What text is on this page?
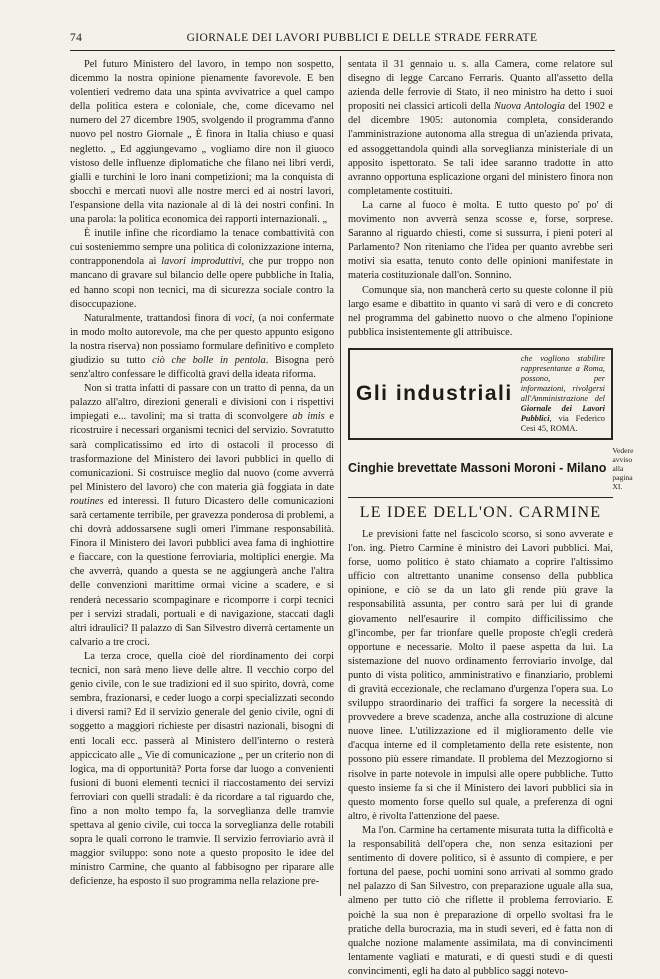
74	GIORNALE DEI LAVORI PUBBLICI E DELLE STRADE FERRATE

Pel futuro Ministero del lavoro, in tempo non sospetto, dicemmo la nostra opinione pienamente favorevole. E ben volentieri vedremo data una spinta avvivatrice a quel campo della politica estera e coloniale, che, come dicevamo nel numero del 27 dicembre 1905, svolgendo il programma d'anno nuovo pel nostro Giornale „ È finora in Italia chiuso e quasi negletto. „ Ed aggiungevamo „ vogliamo dire non il giuoco vistoso delle influenze diplomatiche che filano nei libri verdi, gialli e turchini le loro inani competizioni; ma la conquista di sbocchi e mercati nuovi alle nostre merci ed ai nostri lavori, l'espansione della vita nazionale al di là dei nostri confini. In una parola: la politica economica dei rapporti internazionali. „

È inutile infine che ricordiamo la tenace combattività con cui sosteniemmo sempre una politica di colonizzazione interna, contrapponendola ai lavori improduttivi, che pur troppo non mancano di gravare sul bilancio delle opere pubbliche in Italia, ed hanno scopi non tecnici, ma di sicurezza sociale contro la disoccupazione.

Naturalmente, trattandosi finora di voci, (a noi confermate in modo molto autorevole, ma che per questo appunto esigono la nostra riserva) non possiamo formulare definitivo e completo giudizio su tutto ciò che bolle in pentola. Bisogna però senz'altro confessare le difficoltà gravi della ideata riforma.

Non si tratta infatti di passare con un tratto di penna, da un palazzo all'altro, direzioni generali e divisioni con i rispettivi impiegati e... tavolini; ma si tratta di sconvolgere ab imis e ricostruire i necessari organismi tecnici del servizio. Sovratutto sarà complicatissimo ed irto di ostacoli il processo di trasformazione del Ministero dei lavori pubblici in quello di comunicazioni. Si costruisce meglio dal nuovo (come avverrà pel Ministero del lavoro) che con materia già foggiata in date routines ed interessi. Il futuro Dicastero delle comunicazioni sarà certamente terribile, per gravezza ponderosa di problemi, a chi dovrà addossarsene sugli omeri l'immane responsabilità. Finora il Ministero dei lavori pubblici avea fama di inghiottire e fiaccare, con la questione ferroviaria, moltiplici energie. Ma che avverrà, quando a questa se ne aggiungerà anche l'altra delle convenzioni marittime ormai vicine a scadere, e si renderà necessario scompaginare e ricomporre i corpi tecnici per i servizi stradali, portuali e di navigazione, staccati dagli altri idraulici? Il palazzo di San Silvestro diverrà certamente un calvario a tre croci.

La terza croce, quella cioè del riordinamento dei corpi tecnici, non sarà meno lieve delle altre. Il vecchio corpo del genio civile, con le sue tradizioni ed il suo spirito, dovrà, come sembra, frazionarsi, e ceder luogo a corpi specializzati secondo i diversi rami? Ed il servizio generale del genio civile, ogni di soggetto a maggiori richieste per disastri nazionali, bisogni di enti locali ecc. passerà al Ministero dell'interno o resterà appiccicato alle „ Vie di comunicazione „ per un criterio non di logica, ma di opportunità? Porta forse dar luogo a convenienti fusioni di buoni elementi tecnici il riaccostamento dei servizi ferroviari con quelli stradali: è da ricordare a tal riguardo che, fino a non molto tempo fa, la sorveglianza delle tramvie spettava al genio civile, cui tocca la sorveglianza delle rotabili sopra le quali corrono le tramvie. Il servizio ferroviario avrà il maggior sviluppo: sono note a questo proposito le idee del ministro Carmine, che quanto al fabbisogno per riparare alle deficienze, ha esposto il suo programma nella relazione pre-

sentata il 31 gennaio u. s. alla Camera, come relatore sul disegno di legge Carcano Ferraris. Quanto all'assetto della azienda delle ferrovie di Stato, il neo ministro ha detto i suoi propositi nei classici articoli della Nuova Antologia del 1902 e del dicembre 1905: autonomia completa, considerando l'amministrazione autonoma alla stregua di un'azienda privata, ed assoggettandola quindi alla sorveglianza ministeriale di un apposito ispettorato. Se tali idee saranno tradotte in atto avranno opportuna esplicazione organi del ministero finora non completamente costituiti.

La carne al fuoco è molta. E tutto questo po' po' di movimento non avverrà senza scosse e, forse, sorprese. Saranno al riguardo chiesti, come si sussurra, i pieni poteri al Parlamento? Non riteniamo che l'idea per quanto avrebbe seri motivi sia esatta, tenuto conto delle opinioni manifestate in materia costituzionale dall'on. Sonnino.

Comunque sia, non mancherà certo su queste colonne il più largo esame e dibattito in quanto vi sarà di vero e di concreto nel programma del gabinetto nuovo o che almeno l'opinione pubblica insistentemente gli attribuisce.

Gli industriali
che vogliono stabilire rappresentanze a Roma, possono, per informazioni, rivolgersi all'Amministrazione del Giornale dei Lavori Pubblici, via Federico Cesi 45, ROMA.
Cinghie brevettate Massoni Moroni - Milano
Vedere avviso alla pagina XI.
LE IDEE DELL'ON. CARMINE

Le previsioni fatte nel fascicolo scorso, si sono avverate e l'on. ing. Pietro Carmine è ministro dei Lavori pubblici. Mai, forse, uomo politico è stato chiamato a coprire l'altissimo ufficio con altrettanto unanime consenso della pubblica opinione, e ciò se da un lato gli rende più grave la responsabilità assunta, per contro sarà per lui di grande giovamento nell'esaurire il compito difficilissimo che gl'incombe, per far trionfare quelle proposte ch'egli crederà opportune e necessarie. Molto il paese aspetta da lui. La sistemazione del nuovo ordinamento ferroviario involge, dal punto di vista politico, amministrativo e finanziario, problemi di gravità eccezionale, che reclamano d'urgenza l'opera sua. Lo sviluppo straordinario dei traffici fa sorgere la necessità di provvedere a breve scadenza, anche alla costruzione di alcune nuove linee. L'utilizzazione ed il miglioramento delle vie d'acqua interne ed il completamento della rete esistente, non possono più essere rimandate. Il problema del Mezzogiorno si risolve in parte notevole in impulsi alle opere pubbliche. Tutto questo insieme fa sì che il Ministero dei lavori pubblici sia in questo momento forse quello sul quale, a preferenza di ogni altro, è rivolta l'attenzione del paese.

Ma l'on. Carmine ha certamente misurata tutta la difficoltà e la responsabilità dell'opera che, non senza esitazioni per sentimento di dovere politico, si è assunto di compiere, e per fortuna del paese, pochi uomini sono arrivati al sommo grado nel palazzo di San Silvestro, con preparazione uguale alla sua, almeno per tutto ciò che riflette il problema ferroviario. E poichè la sua non è preparazione di orpello svoltasi fra le pratiche della burocrazia, ma in studi severi, ed è fatta non di qualche nozione malamente assimilata, ma di convincimenti lentamente vagliati e maturati, e di questi studi e di questi convincimenti, egli ha dato al pubblico saggi notevo-
